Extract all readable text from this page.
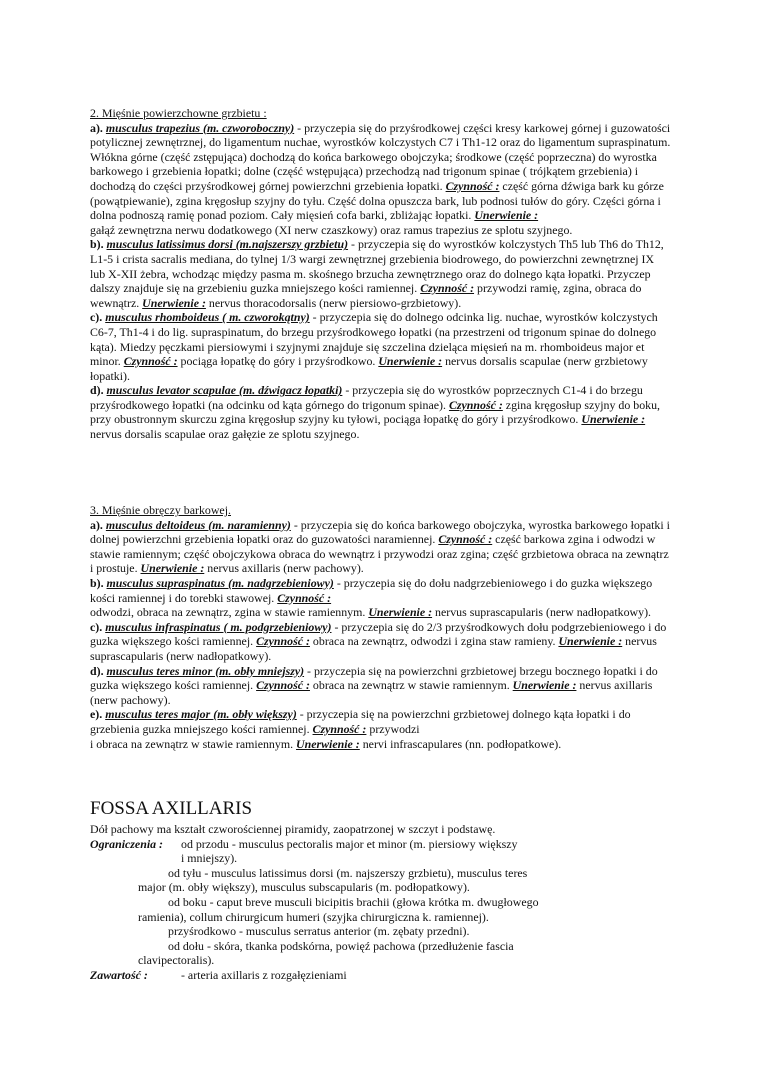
2. Mięśnie powierzchowne grzbietu :

a). musculus trapezius (m. czworoboczny) - przyczepia się do przyśrodkowej części kresy karkowej górnej i guzowatości potylicznej zewnętrznej, do ligamentum nuchae, wyrostków kolczystych C7 i Th1-12 oraz do ligamentum supraspinatum. Włókna górne (część zstępująca) dochodzą do końca barkowego obojczyka; środkowe (część poprzeczna) do wyrostka barkowego i grzebienia łopatki; dolne (część wstępująca) przechodzą nad trigonum spinae ( trójkątem grzebienia) i dochodzą do części przyśrodkowej górnej powierzchni grzebienia łopatki. Czynność : część górna dźwiga bark ku górze (powątpiewanie), zgina kręgosłup szyjny do tyłu. Część dolna opuszcza bark, lub podnosi tułów do góry. Części górna i dolna podnoszą ramię ponad poziom. Cały mięsień cofa barki, zbliżając łopatki. Unerwienie :
gałąź zewnętrzna nerwu dodatkowego (XI nerw czaszkowy) oraz ramus trapezius ze splotu szyjnego.

b). musculus latissimus dorsi (m.najszerszy grzbietu) - przyczepia się do wyrostków kolczystych Th5 lub Th6 do Th12, L1-5 i crista sacralis mediana, do tylnej 1/3 wargi zewnętrznej grzebienia biodrowego, do powierzchni zewnętrznej IX lub X-XII żebra, wchodząc między pasma m. skośnego brzucha zewnętrznego oraz do dolnego kąta łopatki. Przyczep dalszy znajduje się na grzebieniu guzka mniejszego kości ramiennej. Czynność : przywodzi ramię, zgina, obraca do wewnątrz. Unerwienie : nervus thoracodorsalis (nerw piersiowo-grzbietowy).

c). musculus rhomboideus ( m. czworokątny) - przyczepia się do dolnego odcinka lig. nuchae, wyrostków kolczystych C6-7, Th1-4 i do lig. supraspinatum, do brzegu przyśrodkowego łopatki (na przestrzeni od trigonum spinae do dolnego kąta). Miedzy pęczkami piersiowymi i szyjnymi znajduje się szczelina dzieląca mięsień na m. rhomboideus major et minor. Czynność : pociąga łopatkę do góry i przyśrodkowo. Unerwienie : nervus dorsalis scapulae (nerw grzbietowy łopatki).

d). musculus levator scapulae (m. dźwigacz łopatki) - przyczepia się do wyrostków poprzecznych C1-4 i do brzegu przyśrodkowego łopatki (na odcinku od kąta górnego do trigonum spinae). Czynność : zgina kręgosłup szyjny do boku, przy obustronnym skurczu zgina kręgosłup szyjny ku tyłowi, pociąga łopatkę do góry i przyśrodkowo. Unerwienie : nervus dorsalis scapulae oraz gałęzie ze splotu szyjnego.

3. Mięśnie obręczy barkowej.

a). musculus deltoideus (m. naramienny) - przyczepia się do końca barkowego obojczyka, wyrostka barkowego łopatki i dolnej powierzchni grzebienia łopatki oraz do guzowatości naramiennej. Czynność : część barkowa zgina i odwodzi w stawie ramiennym; część obojczykowa obraca do wewnątrz i przywodzi oraz zgina; część grzbietowa obraca na zewnątrz
i prostuje. Unerwienie : nervus axillaris (nerw pachowy).

b). musculus supraspinatus (m. nadgrzebieniowy) - przyczepia się do dołu nadgrzebieniowego i do guzka większego kości ramiennej i do torebki stawowej. Czynność :
odwodzi, obraca na zewnątrz, zgina w stawie ramiennym. Unerwienie : nervus suprascapularis (nerw nadłopatkowy).

c). musculus infraspinatus ( m. podgrzebieniowy) - przyczepia się do 2/3 przyśrodkowych dołu podgrzebieniowego i do guzka większego kości ramiennej. Czynność : obraca na zewnątrz, odwodzi i zgina staw ramieny. Unerwienie : nervus suprascapularis (nerw nadłopatkowy).

d). musculus teres minor (m. obły mniejszy) - przyczepia się na powierzchni grzbietowej brzegu bocznego łopatki i do guzka większego kości ramiennej. Czynność : obraca na zewnątrz w stawie ramiennym. Unerwienie : nervus axillaris (nerw pachowy).

e). musculus teres major (m. obły większy) - przyczepia się na powierzchni grzbietowej dolnego kąta łopatki i do grzebienia guzka mniejszego kości ramiennej. Czynność : przywodzi
i obraca na zewnątrz w stawie ramiennym. Unerwienie : nervi infrascapulares (nn. podłopatkowe).

FOSSA AXILLARIS

Dół pachowy ma kształt czworościennej piramidy, zaopatrzonej w szczyt i podstawę.

Ograniczenia :	od przodu - musculus pectoralis major et minor (m. piersiowy większy

i mniejszy).

od tyłu - musculus latissimus dorsi (m. najszerszy grzbietu), musculus teres

major (m. obły większy), musculus subscapularis (m. podłopatkowy).

od boku - caput breve musculi bicipitis brachii (głowa krótka m. dwugłowego

ramienia), collum chirurgicum humeri (szyjka chirurgiczna k. ramiennej).

przyśrodkowo - musculus serratus anterior (m. zębaty przedni).

od dołu - skóra, tkanka podskórna, powięź pachowa (przedłużenie fascia

clavipectoralis).

Zawartość :	- arteria axillaris z rozgałęzieniami
